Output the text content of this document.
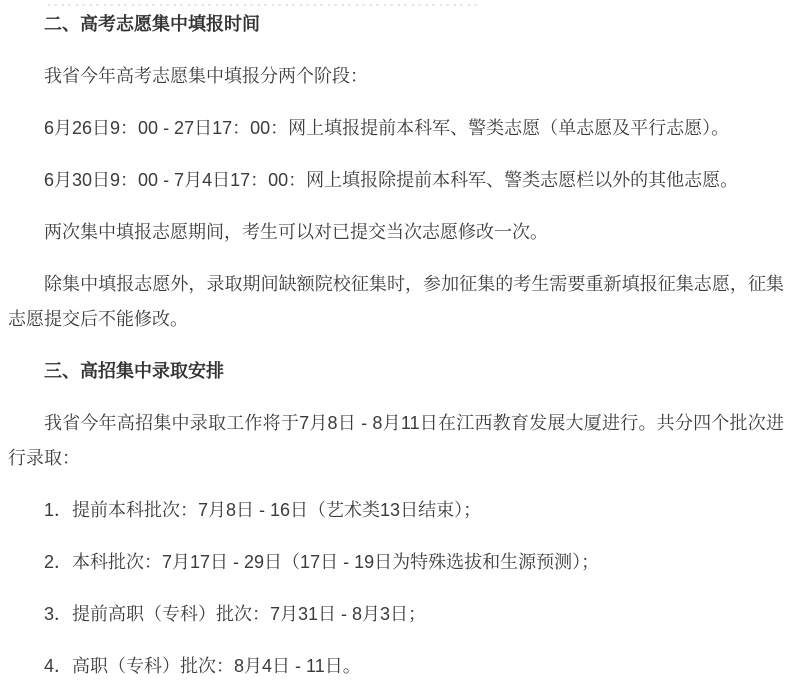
二、高考志愿集中填报时间

我省今年高考志愿集中填报分两个阶段：

6月26日9：00 - 27日17：00：网上填报提前本科军、警类志愿（单志愿及平行志愿）。

6月30日9：00 - 7月4日17：00：网上填报除提前本科军、警类志愿栏以外的其他志愿。

两次集中填报志愿期间，考生可以对已提交当次志愿修改一次。

除集中填报志愿外，录取期间缺额院校征集时，参加征集的考生需要重新填报征集志愿，征集志愿提交后不能修改。

三、高招集中录取安排

我省今年高招集中录取工作将于7月8日 - 8月11日在江西教育发展大厦进行。共分四个批次进行录取：

1．提前本科批次：7月8日 - 16日（艺术类13日结束）；

2．本科批次：7月17日 - 29日（17日 - 19日为特殊选拔和生源预测）；

3．提前高职（专科）批次：7月31日 - 8月3日；

4．高职（专科）批次：8月4日 - 11日。
